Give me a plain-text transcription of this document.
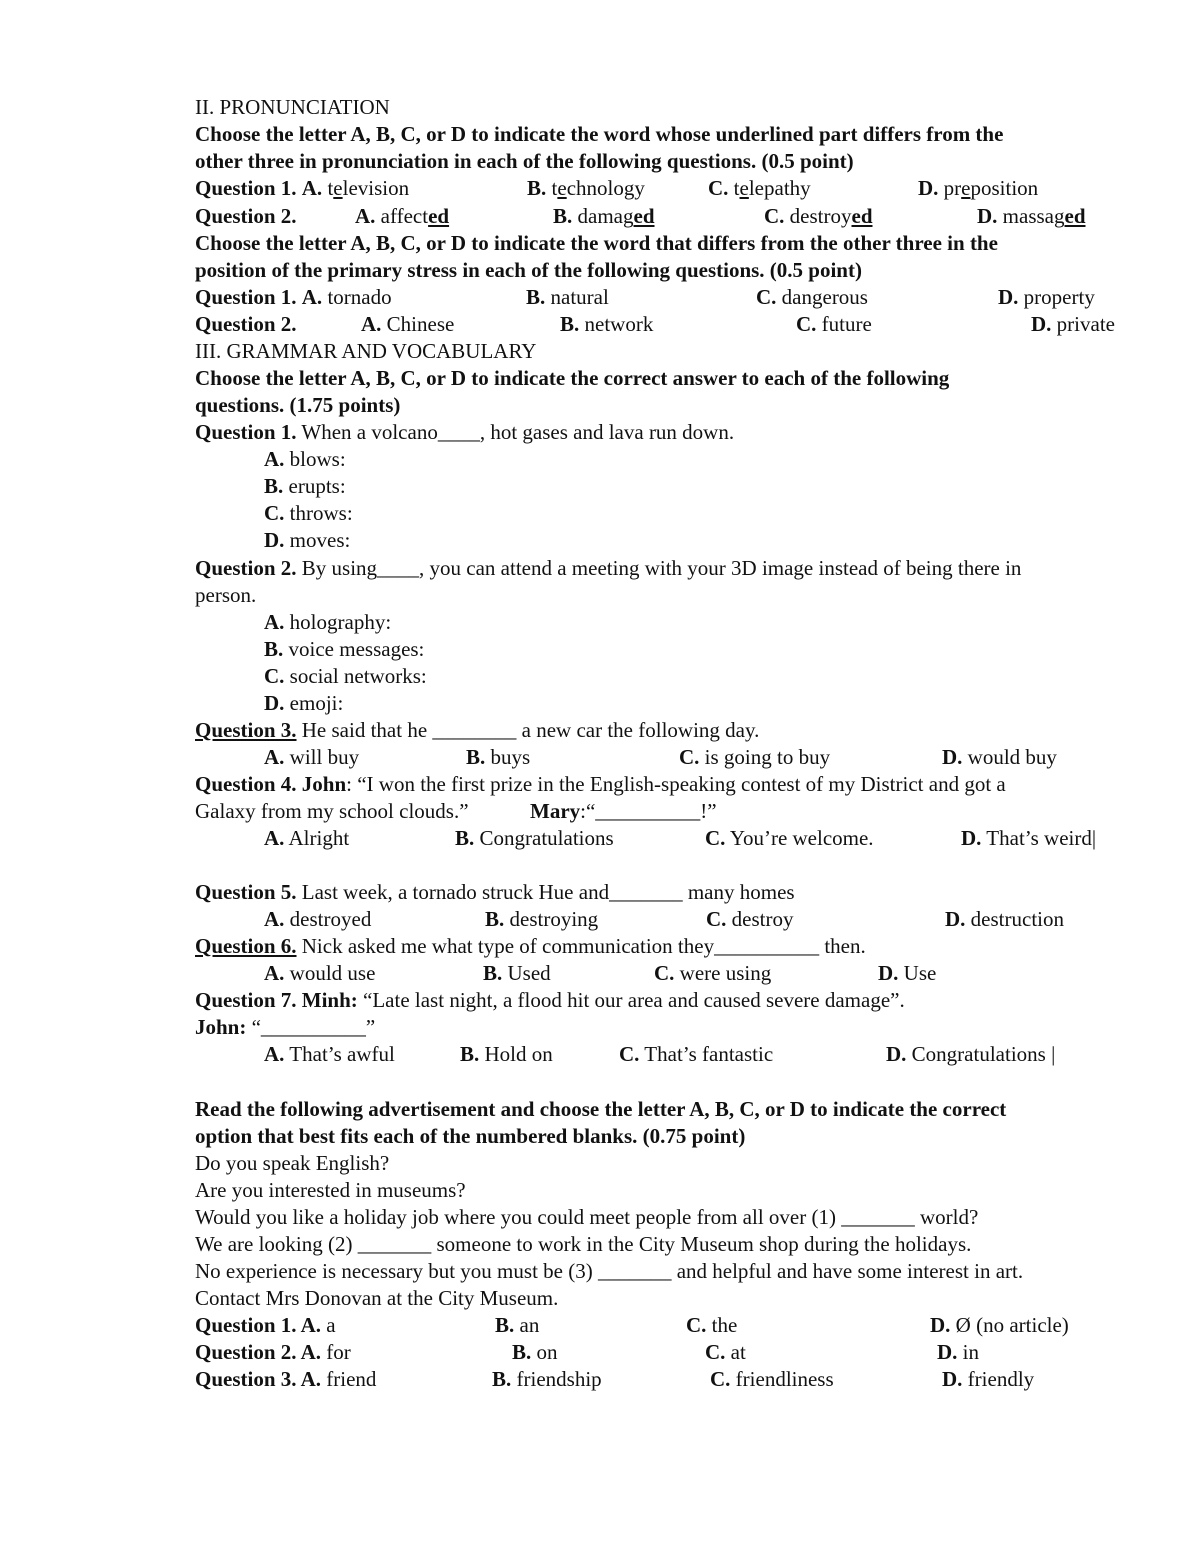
II. PRONUNCIATION
Choose the letter A, B, C, or D to indicate the word whose underlined part differs from the
other three in pronunciation in each of the following questions. (0.5 point)
Question 1. A. television	B. technology	C. telepathy	D. preposition
Question 2.	A. affected	B. damaged	C. destroyed	D. massaged
Choose the letter A, B, C, or D to indicate the word that differs from the other three in the
position of the primary stress in each of the following questions. (0.5 point)
Question 1. A. tornado	B. natural	C. dangerous	D. property
Question 2.	A. Chinese	B. network	C. future	D. private
III. GRAMMAR AND VOCABULARY
Choose the letter A, B, C, or D to indicate the correct answer to each of the following
questions. (1.75 points)
Question 1. When a volcano____, hot gases and lava run down.
A. blows:
B. erupts:
C. throws:
D. moves:
Question 2. By using____, you can attend a meeting with your 3D image instead of being there in
person.
A. holography:
B. voice messages:
C. social networks:
D. emoji:
Question 3. He said that he ________ a new car the following day.
A. will buy	B. buys	C. is going to buy	D. would buy
Question 4. John: “I won the first prize in the English-speaking contest of my District and got a
Galaxy from my school clouds.”	Mary:“__________!”
A. Alright	B. Congratulations	C. You’re welcome.	D. That’s weird|
Question 5. Last week, a tornado struck Hue and_______ many homes
A. destroyed	B. destroying	C. destroy	D. destruction
Question 6. Nick asked me what type of communication they__________ then.
A. would use	B. Used	C. were using	D. Use
Question 7. Minh: “Late last night, a flood hit our area and caused severe damage”.
John: “__________”
A. That’s awful	B. Hold on	C. That’s fantastic	D. Congratulations |
Read the following advertisement and choose the letter A, B, C, or D to indicate the correct
option that best fits each of the numbered blanks. (0.75 point)
Do you speak English?
Are you interested in museums?
Would you like a holiday job where you could meet people from all over (1) _______ world?
We are looking (2) _______ someone to work in the City Museum shop during the holidays.
No experience is necessary but you must be (3) _______ and helpful and have some interest in art.
Contact Mrs Donovan at the City Museum.
Question 1. A. a	B. an	C. the	D. Ø (no article)
Question 2. A. for	B. on	C. at	D. in
Question 3. A. friend	B. friendship	C. friendliness	D. friendly
